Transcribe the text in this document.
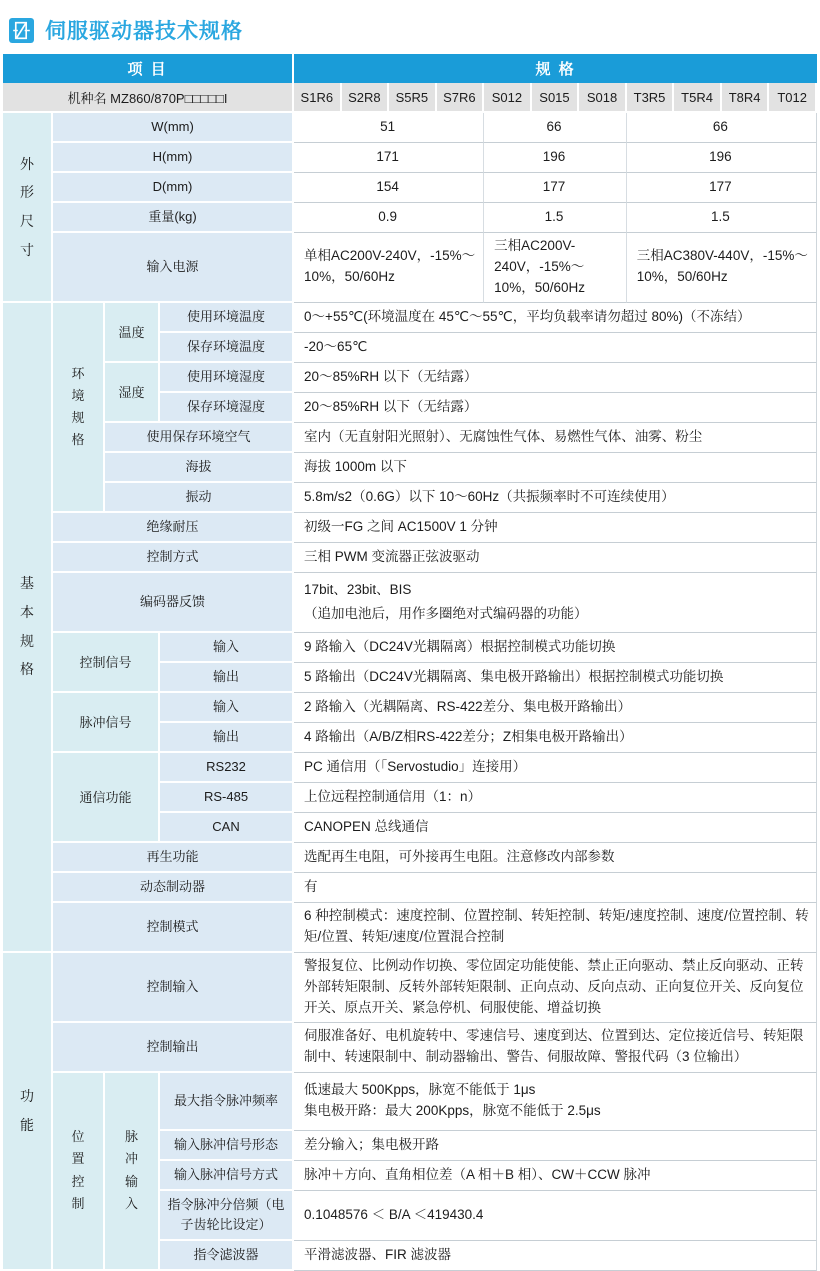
伺服驱动器技术规格
项 目				规 格										
机种名 MZ860/870P□□□□□I				S1R6	S2R8	S5R5	S7R6	S012	S015	S018	T3R5	T5R4	T8R4	T012

外形尺寸	W(mm)			51				66			66			
	H(mm)			171				196			196			
	D(mm)			154				177			177			
	重量(kg)			0.9				1.5			1.5			
	输入电源			单相AC200V-240V，-15%～10%，50/60Hz				三相AC200V-240V，-15%～10%，50/60Hz			三相AC380V-440V，-15%～10%，50/60Hz			

基本规格	环境规格	温度	使用环境温度	0～+55℃(环境温度在 45℃～55℃，平均负载率请勿超过 80%)（不冻结）										
			保存环境温度	-20～65℃										
		湿度	使用环境湿度	20～85%RH 以下（无结露）										
			保存环境湿度	20～85%RH 以下（无结露）										
		使用保存环境空气		室内（无直射阳光照射）、无腐蚀性气体、易燃性气体、油雾、粉尘										
		海拔		海拔 1000m 以下										
		振动		5.8m/s2（0.6G）以下 10～60Hz（共振频率时不可连续使用）										
	绝缘耐压			初级一FG 之间 AC1500V 1 分钟										
	控制方式			三相 PWM 变流器正弦波驱动										
	编码器反馈			17bit、23bit、BIS
（追加电池后，用作多圈绝对式编码器的功能）										

	控制信号		输入	9 路输入（DC24V光耦隔离）根据控制模式功能切换										
			输出	5 路输出（DC24V光耦隔离、集电极开路输出）根据控制模式功能切换										
	脉冲信号		输入	2 路输入（光耦隔离、RS-422差分、集电极开路输出）										
			输出	4 路输出（A/B/Z相RS-422差分；Z相集电极开路输出）										
	通信功能		RS232	PC 通信用（「Servostudio」连接用）										
			RS-485	上位远程控制通信用（1：n）										
			CAN	CANOPEN 总线通信										
	再生功能			选配再生电阻，可外接再生电阻。注意修改内部参数										
	动态制动器			有										
	控制模式			6 种控制模式：速度控制、位置控制、转矩控制、转矩/速度控制、速度/位置控制、转矩/位置、转矩/速度/位置混合控制										

功能	控制输入			警报复位、比例动作切换、零位固定功能使能、禁止正向驱动、禁止反向驱动、正转外部转矩限制、反转外部转矩限制、正向点动、反向点动、正向复位开关、反向复位开关、原点开关、紧急停机、伺服使能、增益切换										
	控制输出			伺服准备好、电机旋转中、零速信号、速度到达、位置到达、定位接近信号、转矩限制中、转速限制中、制动器输出、警告、伺服故障、警报代码（3 位输出）										

	位置控制	脉冲输入	最大指令脉冲频率	低速最大 500Kpps，脉宽不能低于 1μs
集电极开路：最大 200Kpps，脉宽不能低于 2.5μs										

			输入脉冲信号形态	差分输入；集电极开路										
			输入脉冲信号方式	脉冲＋方向、直角相位差（A 相＋B 相）、CW＋CCW 脉冲										
			指令脉冲分倍频（电子齿轮比设定）	0.1048576 ＜ B/A ＜419430.4										
			指令滤波器	平滑滤波器、FIR 滤波器										
